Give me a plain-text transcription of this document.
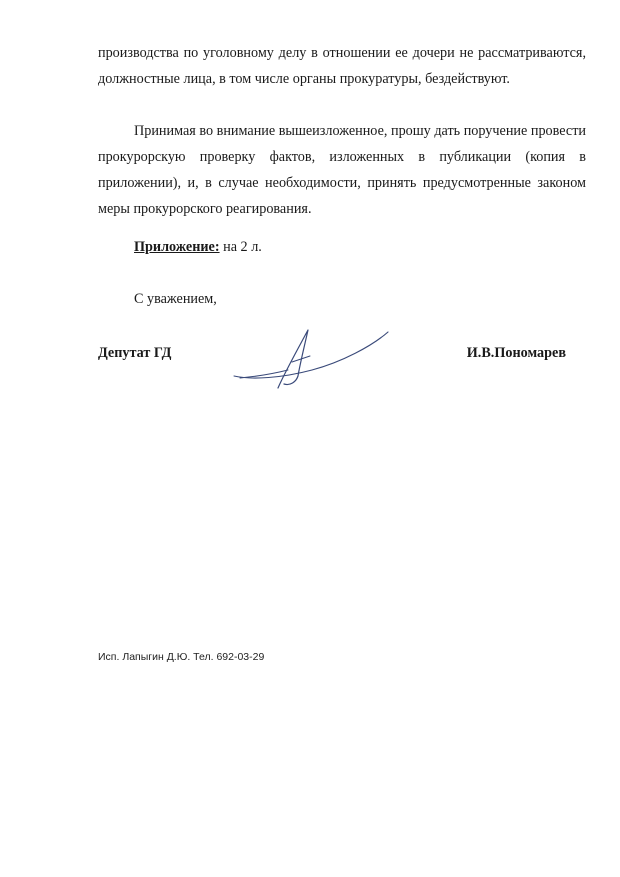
производства по уголовному делу в отношении ее дочери не рассматриваются, должностные лица, в том числе органы прокуратуры, бездействуют.

Принимая во внимание вышеизложенное, прошу дать поручение провести прокурорскую проверку фактов, изложенных в публикации (копия в приложении), и, в случае необходимости, принять предусмотренные законом меры прокурорского реагирования.

Приложение: на 2 л.

С уважением,

Депутат ГД	И.В.Пономарев

Исп. Лапыгин Д.Ю. Тел. 692-03-29
